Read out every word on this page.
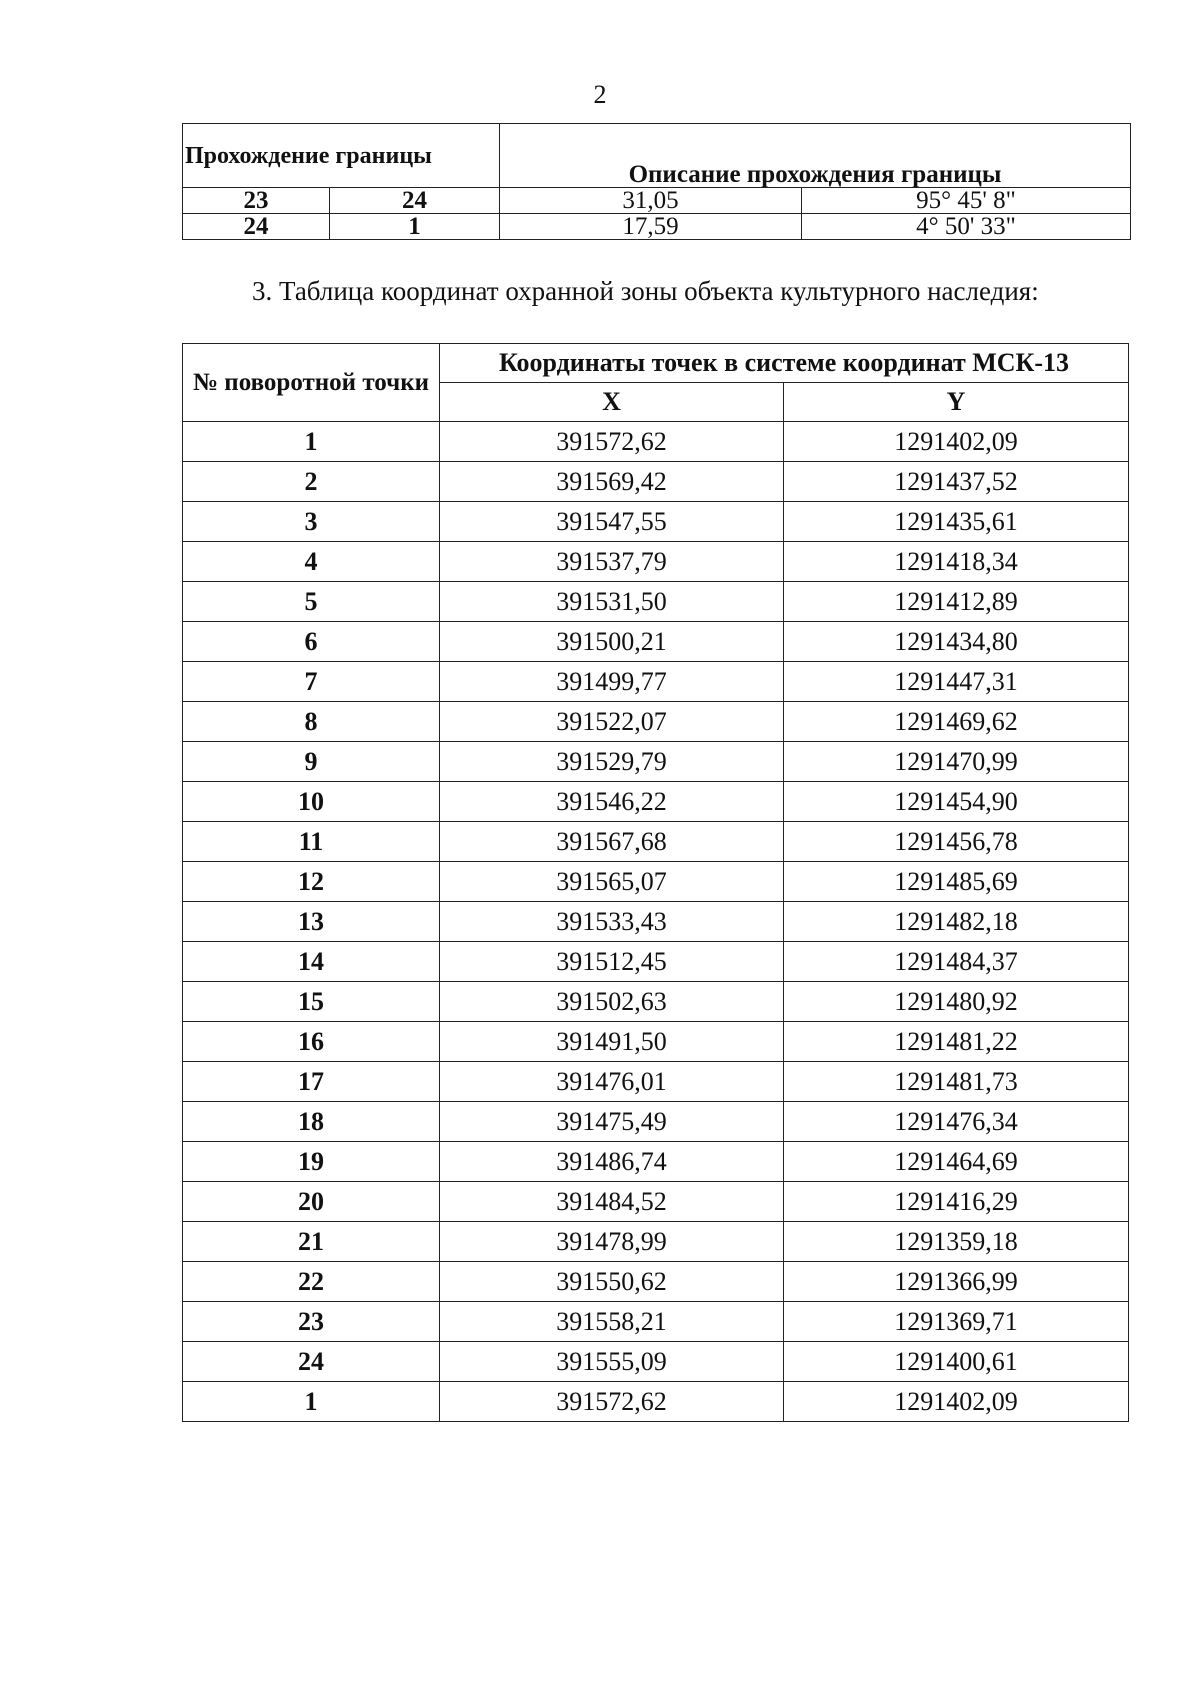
2
Прохождение границы		Описание прохождения границы	
23	24	31,05	95° 45' 8"
24	1	17,59	4° 50' 33"
3. Таблица координат охранной зоны объекта культурного наследия:
№ поворотной точки	Координаты точек в системе координат МСК-13	
	X	Y
1	391572,62	1291402,09
2	391569,42	1291437,52
3	391547,55	1291435,61
4	391537,79	1291418,34
5	391531,50	1291412,89
6	391500,21	1291434,80
7	391499,77	1291447,31
8	391522,07	1291469,62
9	391529,79	1291470,99
10	391546,22	1291454,90
11	391567,68	1291456,78
12	391565,07	1291485,69
13	391533,43	1291482,18
14	391512,45	1291484,37
15	391502,63	1291480,92
16	391491,50	1291481,22
17	391476,01	1291481,73
18	391475,49	1291476,34
19	391486,74	1291464,69
20	391484,52	1291416,29
21	391478,99	1291359,18
22	391550,62	1291366,99
23	391558,21	1291369,71
24	391555,09	1291400,61
1	391572,62	1291402,09
